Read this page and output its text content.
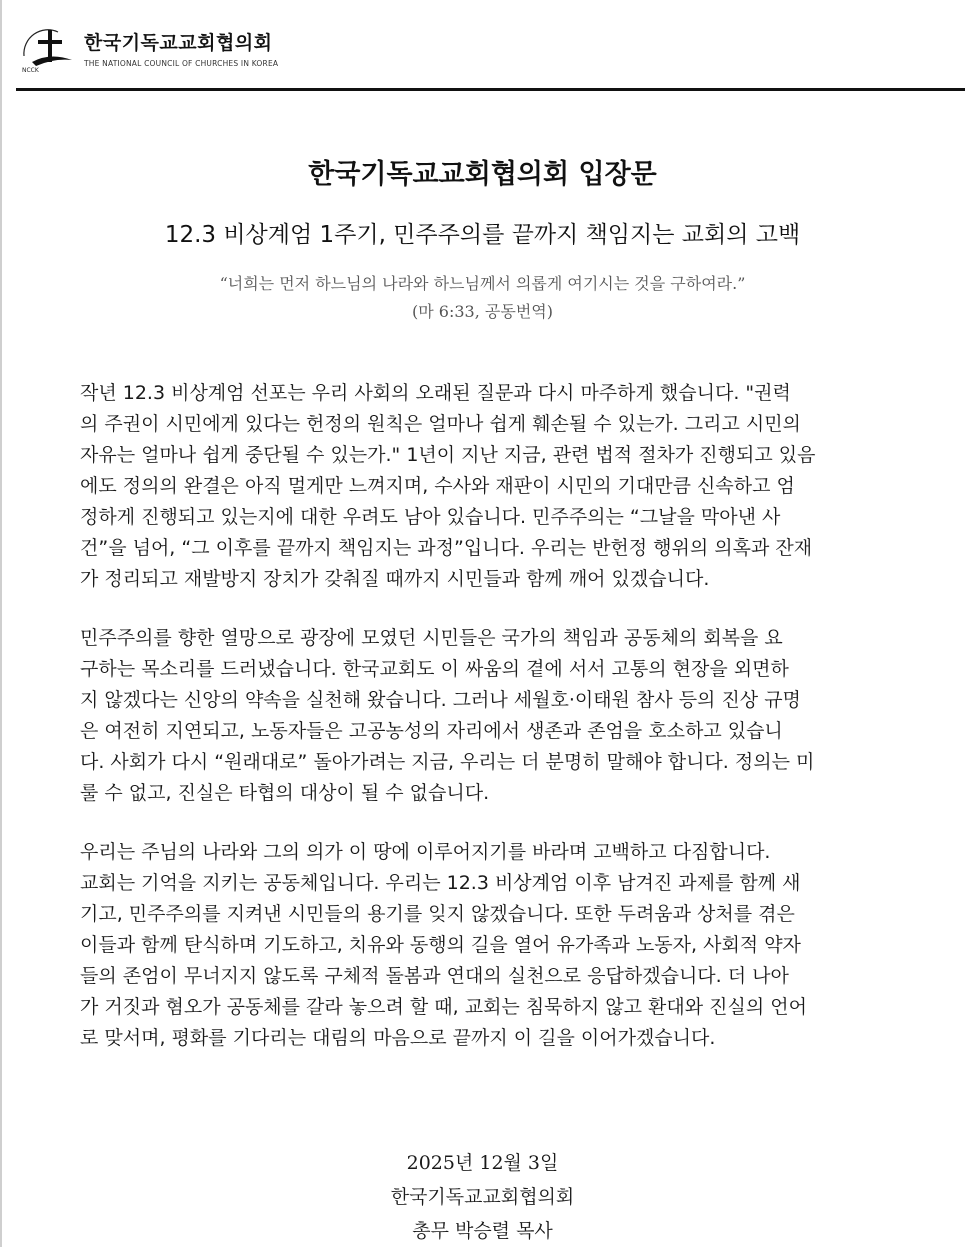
NCCK
한국기독교교회협의회
THE NATIONAL COUNCIL OF CHURCHES IN KOREA
한국기독교교회협의회 입장문
12.3 비상계엄 1주기, 민주주의를 끝까지 책임지는 교회의 고백
“너희는 먼저 하느님의 나라와 하느님께서 의롭게 여기시는 것을 구하여라.”
(마 6:33, 공동번역)
작년 12.3 비상계엄 선포는 우리 사회의 오래된 질문과 다시 마주하게 했습니다. "권력
의 주권이 시민에게 있다는 헌정의 원칙은 얼마나 쉽게 훼손될 수 있는가. 그리고 시민의
자유는 얼마나 쉽게 중단될 수 있는가." 1년이 지난 지금, 관련 법적 절차가 진행되고 있음
에도 정의의 완결은 아직 멀게만 느껴지며, 수사와 재판이 시민의 기대만큼 신속하고 엄
정하게 진행되고 있는지에 대한 우려도 남아 있습니다. 민주주의는 “그날을 막아낸 사
건”을 넘어, “그 이후를 끝까지 책임지는 과정”입니다. 우리는 반헌정 행위의 의혹과 잔재
가 정리되고 재발방지 장치가 갖춰질 때까지 시민들과 함께 깨어 있겠습니다.
민주주의를 향한 열망으로 광장에 모였던 시민들은 국가의 책임과 공동체의 회복을 요
구하는 목소리를 드러냈습니다. 한국교회도 이 싸움의 곁에 서서 고통의 현장을 외면하
지 않겠다는 신앙의 약속을 실천해 왔습니다. 그러나 세월호·이태원 참사 등의 진상 규명
은 여전히 지연되고, 노동자들은 고공농성의 자리에서 생존과 존엄을 호소하고 있습니
다. 사회가 다시 “원래대로” 돌아가려는 지금, 우리는 더 분명히 말해야 합니다. 정의는 미
룰 수 없고, 진실은 타협의 대상이 될 수 없습니다.
우리는 주님의 나라와 그의 의가 이 땅에 이루어지기를 바라며 고백하고 다짐합니다.
교회는 기억을 지키는 공동체입니다. 우리는 12.3 비상계엄 이후 남겨진 과제를 함께 새
기고, 민주주의를 지켜낸 시민들의 용기를 잊지 않겠습니다. 또한 두려움과 상처를 겪은
이들과 함께 탄식하며 기도하고, 치유와 동행의 길을 열어 유가족과 노동자, 사회적 약자
들의 존엄이 무너지지 않도록 구체적 돌봄과 연대의 실천으로 응답하겠습니다. 더 나아
가 거짓과 혐오가 공동체를 갈라 놓으려 할 때, 교회는 침묵하지 않고 환대와 진실의 언어
로 맞서며, 평화를 기다리는 대림의 마음으로 끝까지 이 길을 이어가겠습니다.
2025년 12월 3일
한국기독교교회협의회
총무 박승렬 목사
